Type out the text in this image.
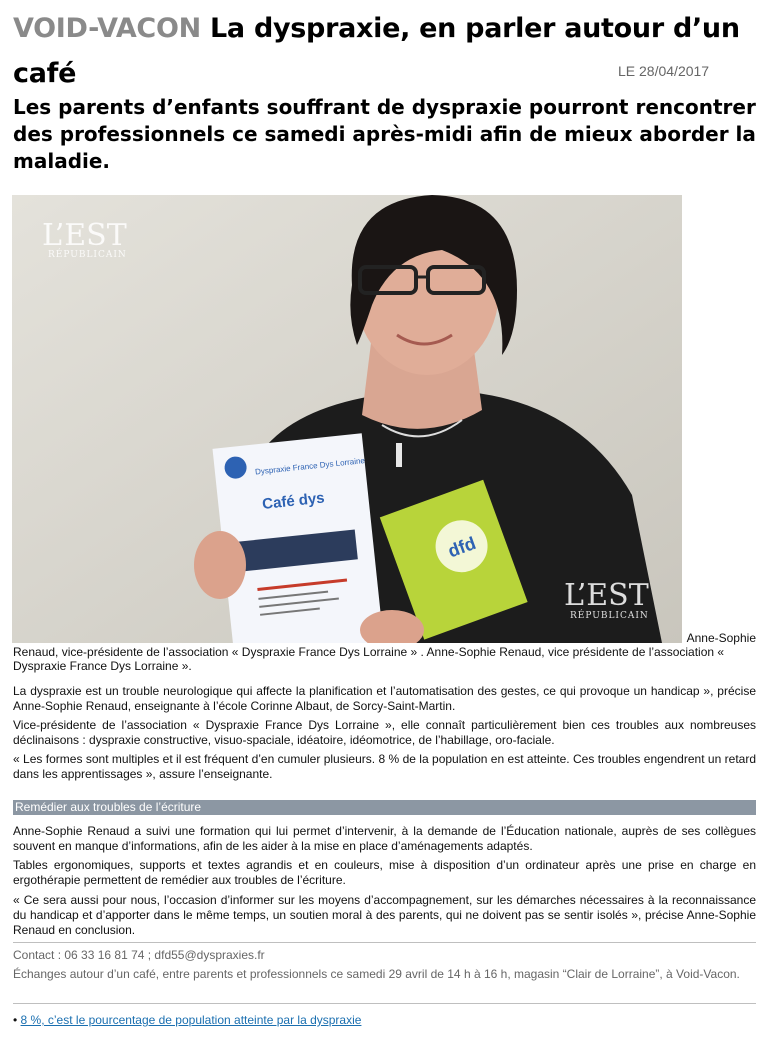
VOID-VACON La dyspraxie, en parler autour d’un café	LE 28/04/2017

Les parents d’enfants souffrant de dyspraxie pourront rencontrer des professionnels ce samedi après-midi afin de mieux aborder la maladie.

Dyspraxie France Dys Lorraine
Café dys
dfd
L’EST
RÉPUBLICAIN
L’EST
RÉPUBLICAIN

Anne-Sophie
Renaud, vice-présidente de l’association « Dyspraxie France Dys Lorraine » . Anne-Sophie Renaud, vice présidente de l’association « Dyspraxie France Dys Lorraine ».

La dyspraxie est un trouble neurologique qui affecte la planification et l’automatisation des gestes, ce qui provoque un handicap », précise Anne-Sophie Renaud, enseignante à l’école Corinne Albaut, de Sorcy-Saint-Martin.

Vice-présidente de l’association « Dyspraxie France Dys Lorraine », elle connaît particulièrement bien ces troubles aux nombreuses déclinaisons : dyspraxie constructive, visuo-spaciale, idéatoire, idéomotrice, de l’habillage, oro-faciale.

« Les formes sont multiples et il est fréquent d’en cumuler plusieurs. 8 % de la population en est atteinte. Ces troubles engendrent un retard dans les apprentissages », assure l’enseignante.

Remédier aux troubles de l’écriture

Anne-Sophie Renaud a suivi une formation qui lui permet d’intervenir, à la demande de l’Éducation nationale, auprès de ses collègues souvent en manque d’informations, afin de les aider à la mise en place d’aménagements adaptés.

Tables ergonomiques, supports et textes agrandis et en couleurs, mise à disposition d’un ordinateur après une prise en charge en ergothérapie permettent de remédier aux troubles de l’écriture.

« Ce sera aussi pour nous, l’occasion d’informer sur les moyens d’accompagnement, sur les démarches nécessaires à la reconnaissance du handicap et d’apporter dans le même temps, un soutien moral à des parents, qui ne doivent pas se sentir isolés », précise Anne-Sophie Renaud en conclusion.

Contact : 06 33 16 81 74 ; dfd55@dyspraxies.fr

Échanges autour d’un café, entre parents et professionnels ce samedi 29 avril de 14 h à 16 h, magasin “Clair de Lorraine”, à Void-Vacon.

• 8 %, c’est le pourcentage de population atteinte par la dyspraxie
